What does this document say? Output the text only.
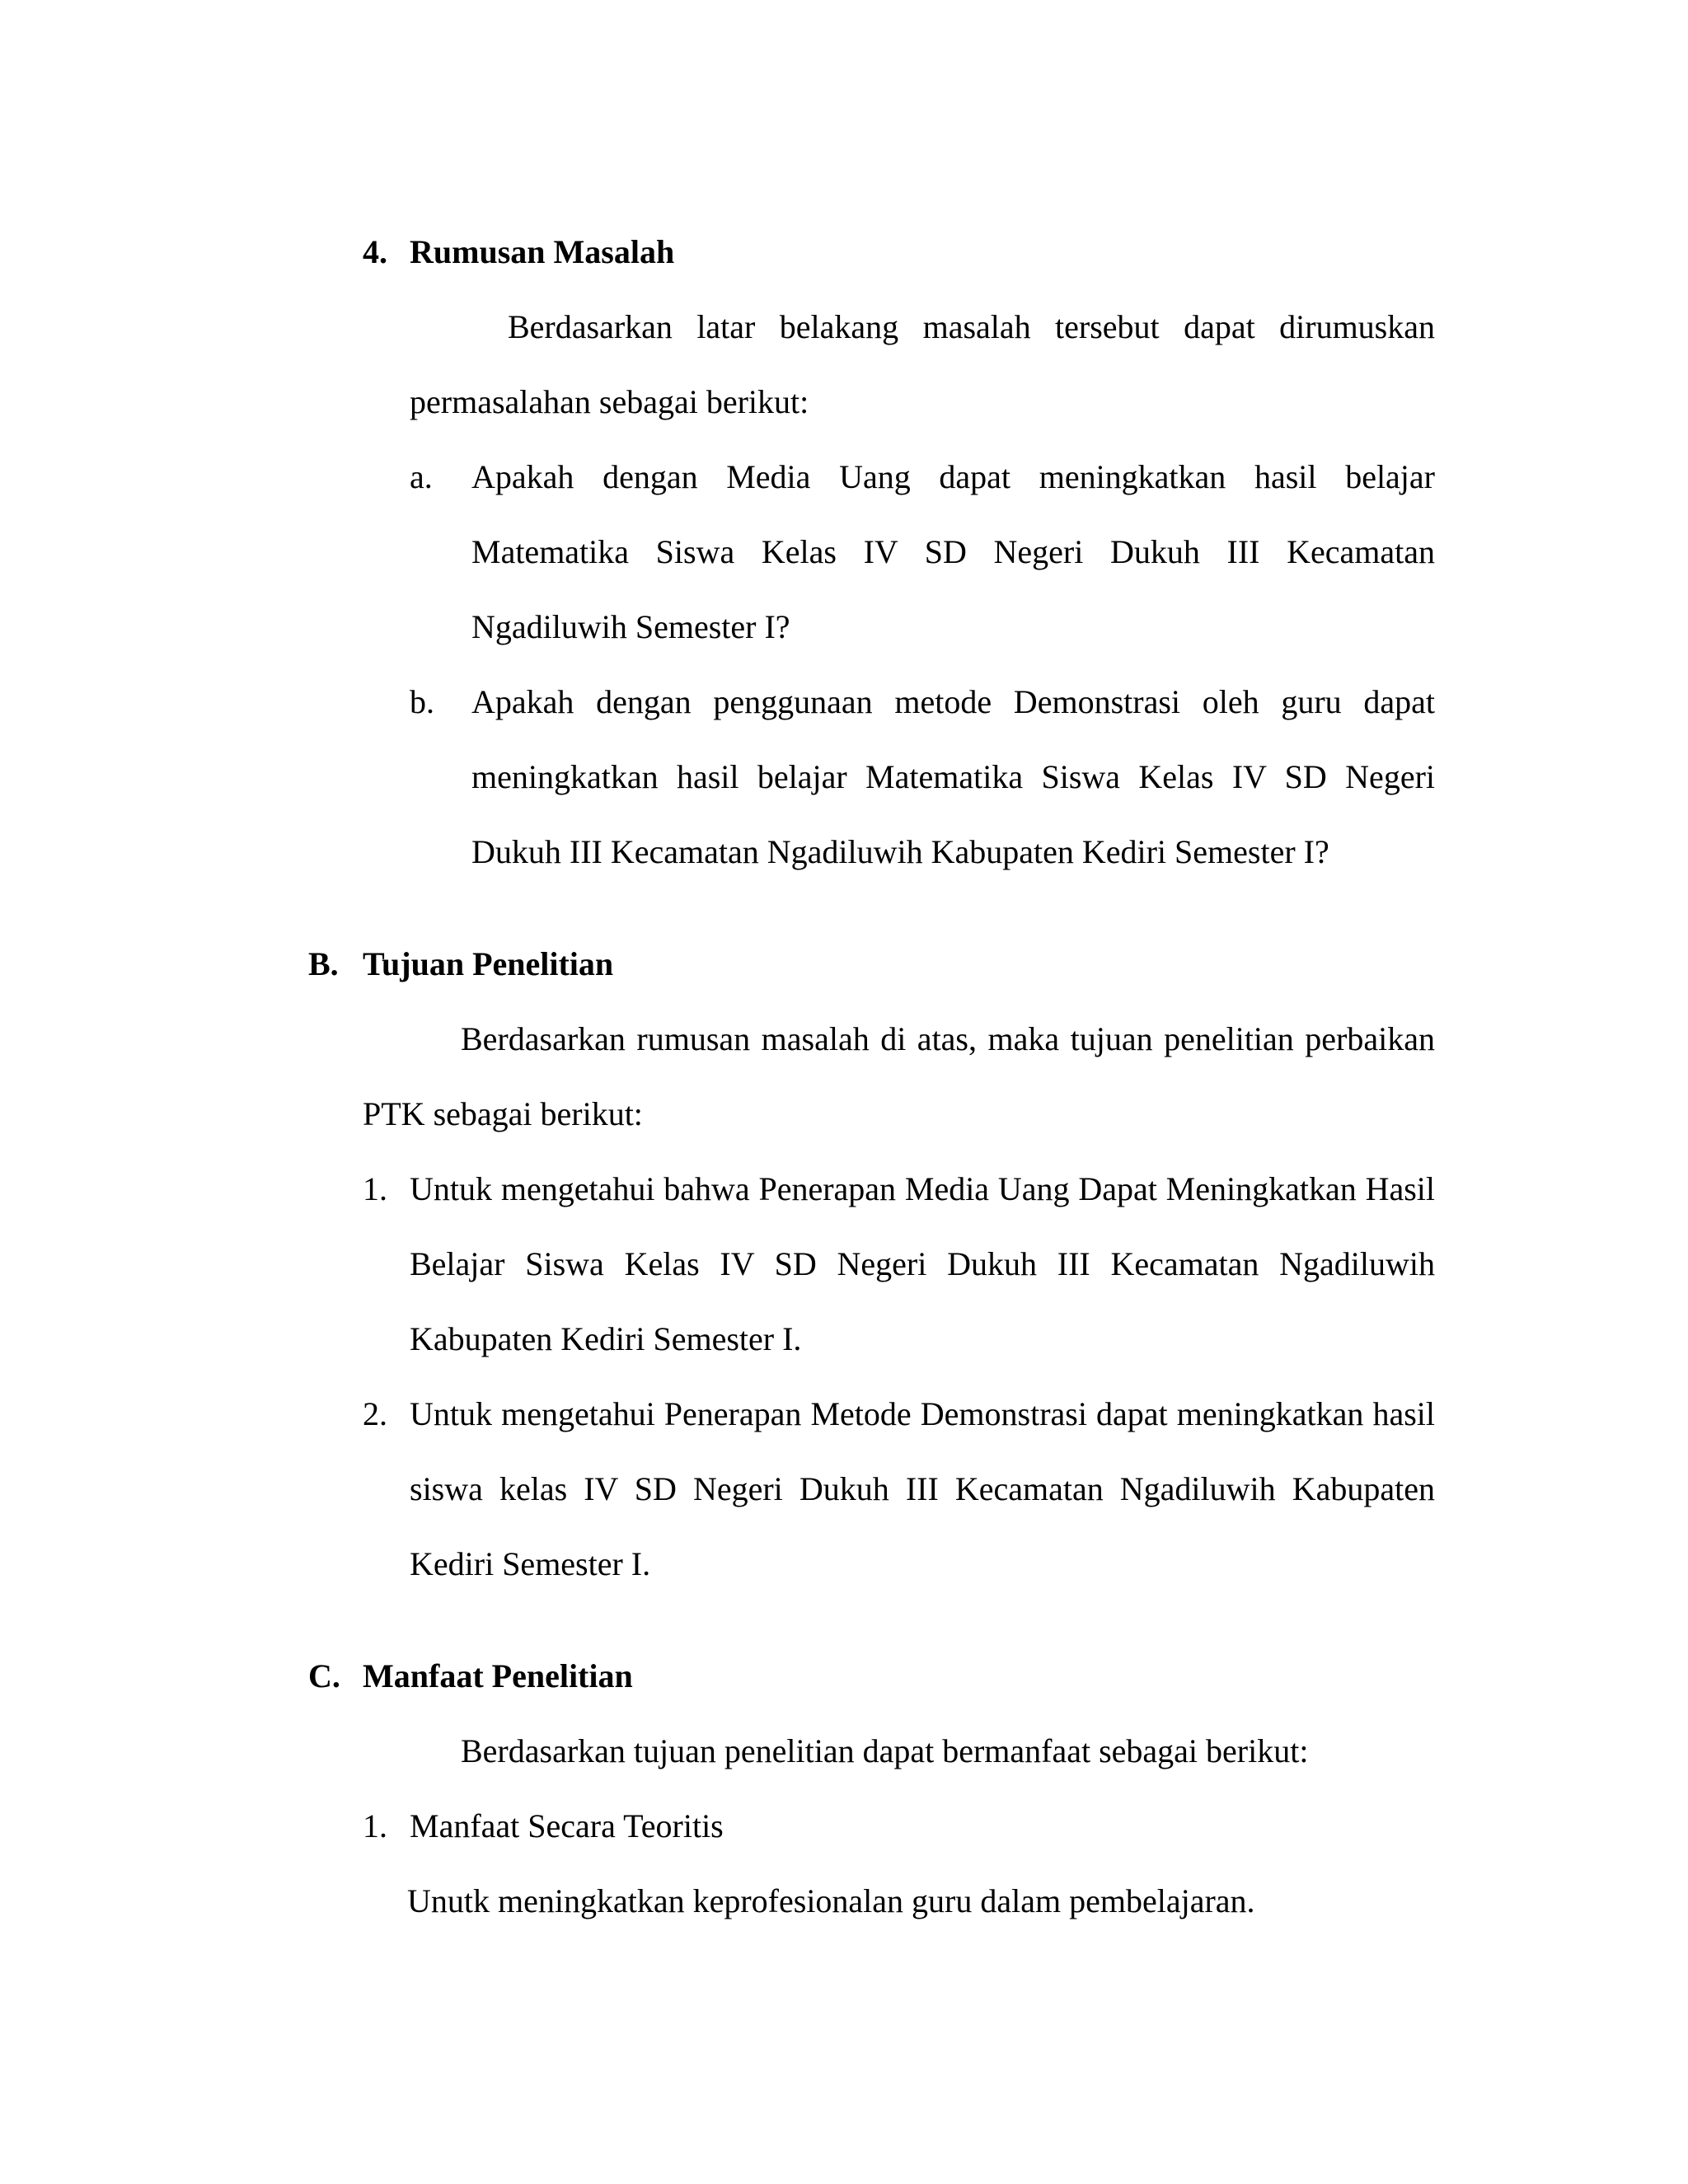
4. Rumusan Masalah

Berdasarkan latar belakang masalah tersebut dapat dirumuskan

permasalahan sebagai berikut:

a. Apakah dengan Media Uang dapat meningkatkan hasil belajar

Matematika Siswa Kelas IV SD Negeri Dukuh III Kecamatan

Ngadiluwih Semester I?

b. Apakah dengan penggunaan metode Demonstrasi oleh guru dapat

meningkatkan hasil belajar Matematika Siswa Kelas IV SD Negeri

Dukuh III Kecamatan Ngadiluwih Kabupaten Kediri Semester I?

B. Tujuan Penelitian

Berdasarkan rumusan masalah di atas, maka tujuan penelitian perbaikan

PTK sebagai berikut:

1. Untuk mengetahui bahwa Penerapan Media Uang Dapat Meningkatkan Hasil

Belajar Siswa Kelas IV SD Negeri Dukuh III Kecamatan Ngadiluwih

Kabupaten Kediri Semester I.

2. Untuk mengetahui Penerapan Metode Demonstrasi dapat meningkatkan hasil

siswa kelas IV SD Negeri Dukuh III Kecamatan Ngadiluwih Kabupaten

Kediri Semester I.

C. Manfaat Penelitian

Berdasarkan tujuan penelitian dapat bermanfaat sebagai berikut:

1. Manfaat Secara Teoritis

Unutk meningkatkan keprofesionalan guru dalam pembelajaran.
